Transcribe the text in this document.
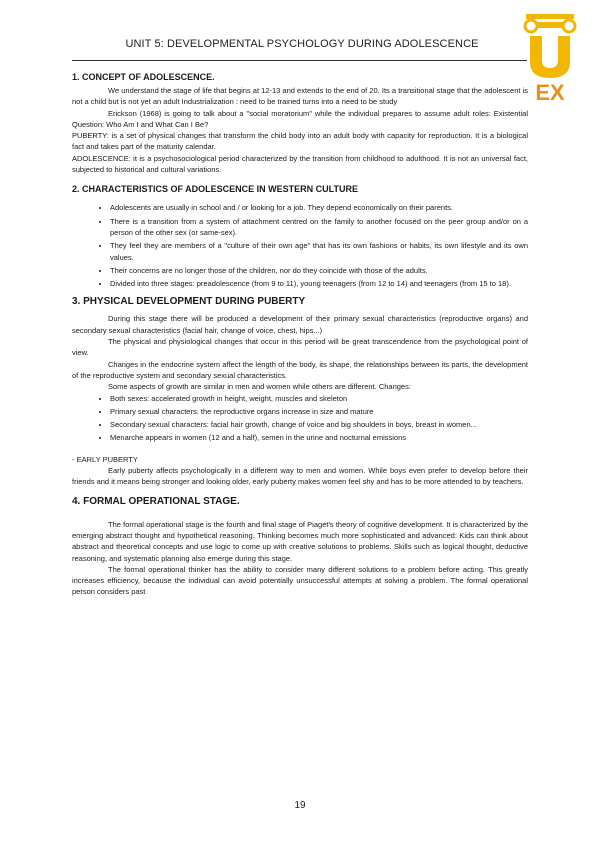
UNIT 5: DEVELOPMENTAL PSYCHOLOGY DURING ADOLESCENCE
EX
1. CONCEPT OF ADOLESCENCE.

We understand the stage of life that begins at 12-13 and extends to the end of 20. Its a transitional stage that the adolescent is not a child but is not yet an adult Industrialization : need to be trained turns into a need to be study

Erickson (1968) is going to talk about a "social moratorium" while the individual prepares to assume adult roles: Existential Question: Who Am I and What Can I Be?

PUBERTY: is a set of physical changes that transform the child body into an adult body with capacity for reproduction. It is a biological fact and takes part of the maturity calendar.

ADOLESCENCE: it is a psychosociological period characterized by the transition from childhood to adulthood. It is not an universal fact, subjected to historical and cultural variations.

2. CHARACTERISTICS OF ADOLESCENCE IN WESTERN CULTURE
• Adolescents are usually in school and / or looking for a job. They depend economically on their parents.
• There is a transition from a system of attachment centred on the family to another focused on the peer group and/or on a person of the other sex (or same-sex).
• They feel they are members of a "culture of their own age" that has its own fashions or habits, its own lifestyle and its own values.
• Their concerns are no longer those of the children, nor do they coincide with those of the adults.
• Divided into three stages: preadolescence (from 9 to 11), young teenagers (from 12 to 14) and teenagers (from 15 to 18).
3. PHYSICAL DEVELOPMENT DURING PUBERTY

During this stage there will be produced a development of their primary sexual characteristics (reproductive organs) and secondary sexual characteristics (facial hair, change of voice, chest, hips...)

The physical and physiological changes that occur in this period will be great transcendence from the psychological point of view.

Changes in the endocrine system affect the length of the body, its shape, the relationships between its parts, the development of the reproductive system and secondary sexual characteristics.

Some aspects of growth are similar in men and women while others are different. Changes:

• Both sexes: accelerated growth in height, weight, muscles and skeleton
• Primary sexual characters: the reproductive organs increase in size and mature
• Secondary sexual characters: facial hair growth, change of voice and big shoulders in boys, breast in women...
• Menarche appears in women (12 and a half), semen in the urine and nocturnal emissions

- EARLY PUBERTY

Early puberty affects psychologically in a different way to men and women. While boys even prefer to develop before their friends and it means being stronger and looking older, early puberty makes women feel shy and has to be more attended to by teachers.

4. FORMAL OPERATIONAL STAGE.

The formal operational stage is the fourth and final stage of Piaget's theory of cognitive development. It is characterized by the emerging abstract thought and hypothetical reasoning. Thinking becomes much more sophisticated and advanced: Kids can think about abstract and theoretical concepts and use logic to come up with creative solutions to problems. Skills such as logical thought, deductive reasoning, and systematic planning also emerge during this stage.

The formal operational thinker has the ability to consider many different solutions to a problem before acting. This greatly increases efficiency, because the individual can avoid potentially unsuccessful attempts at solving a problem. The formal operational person considers past

19
